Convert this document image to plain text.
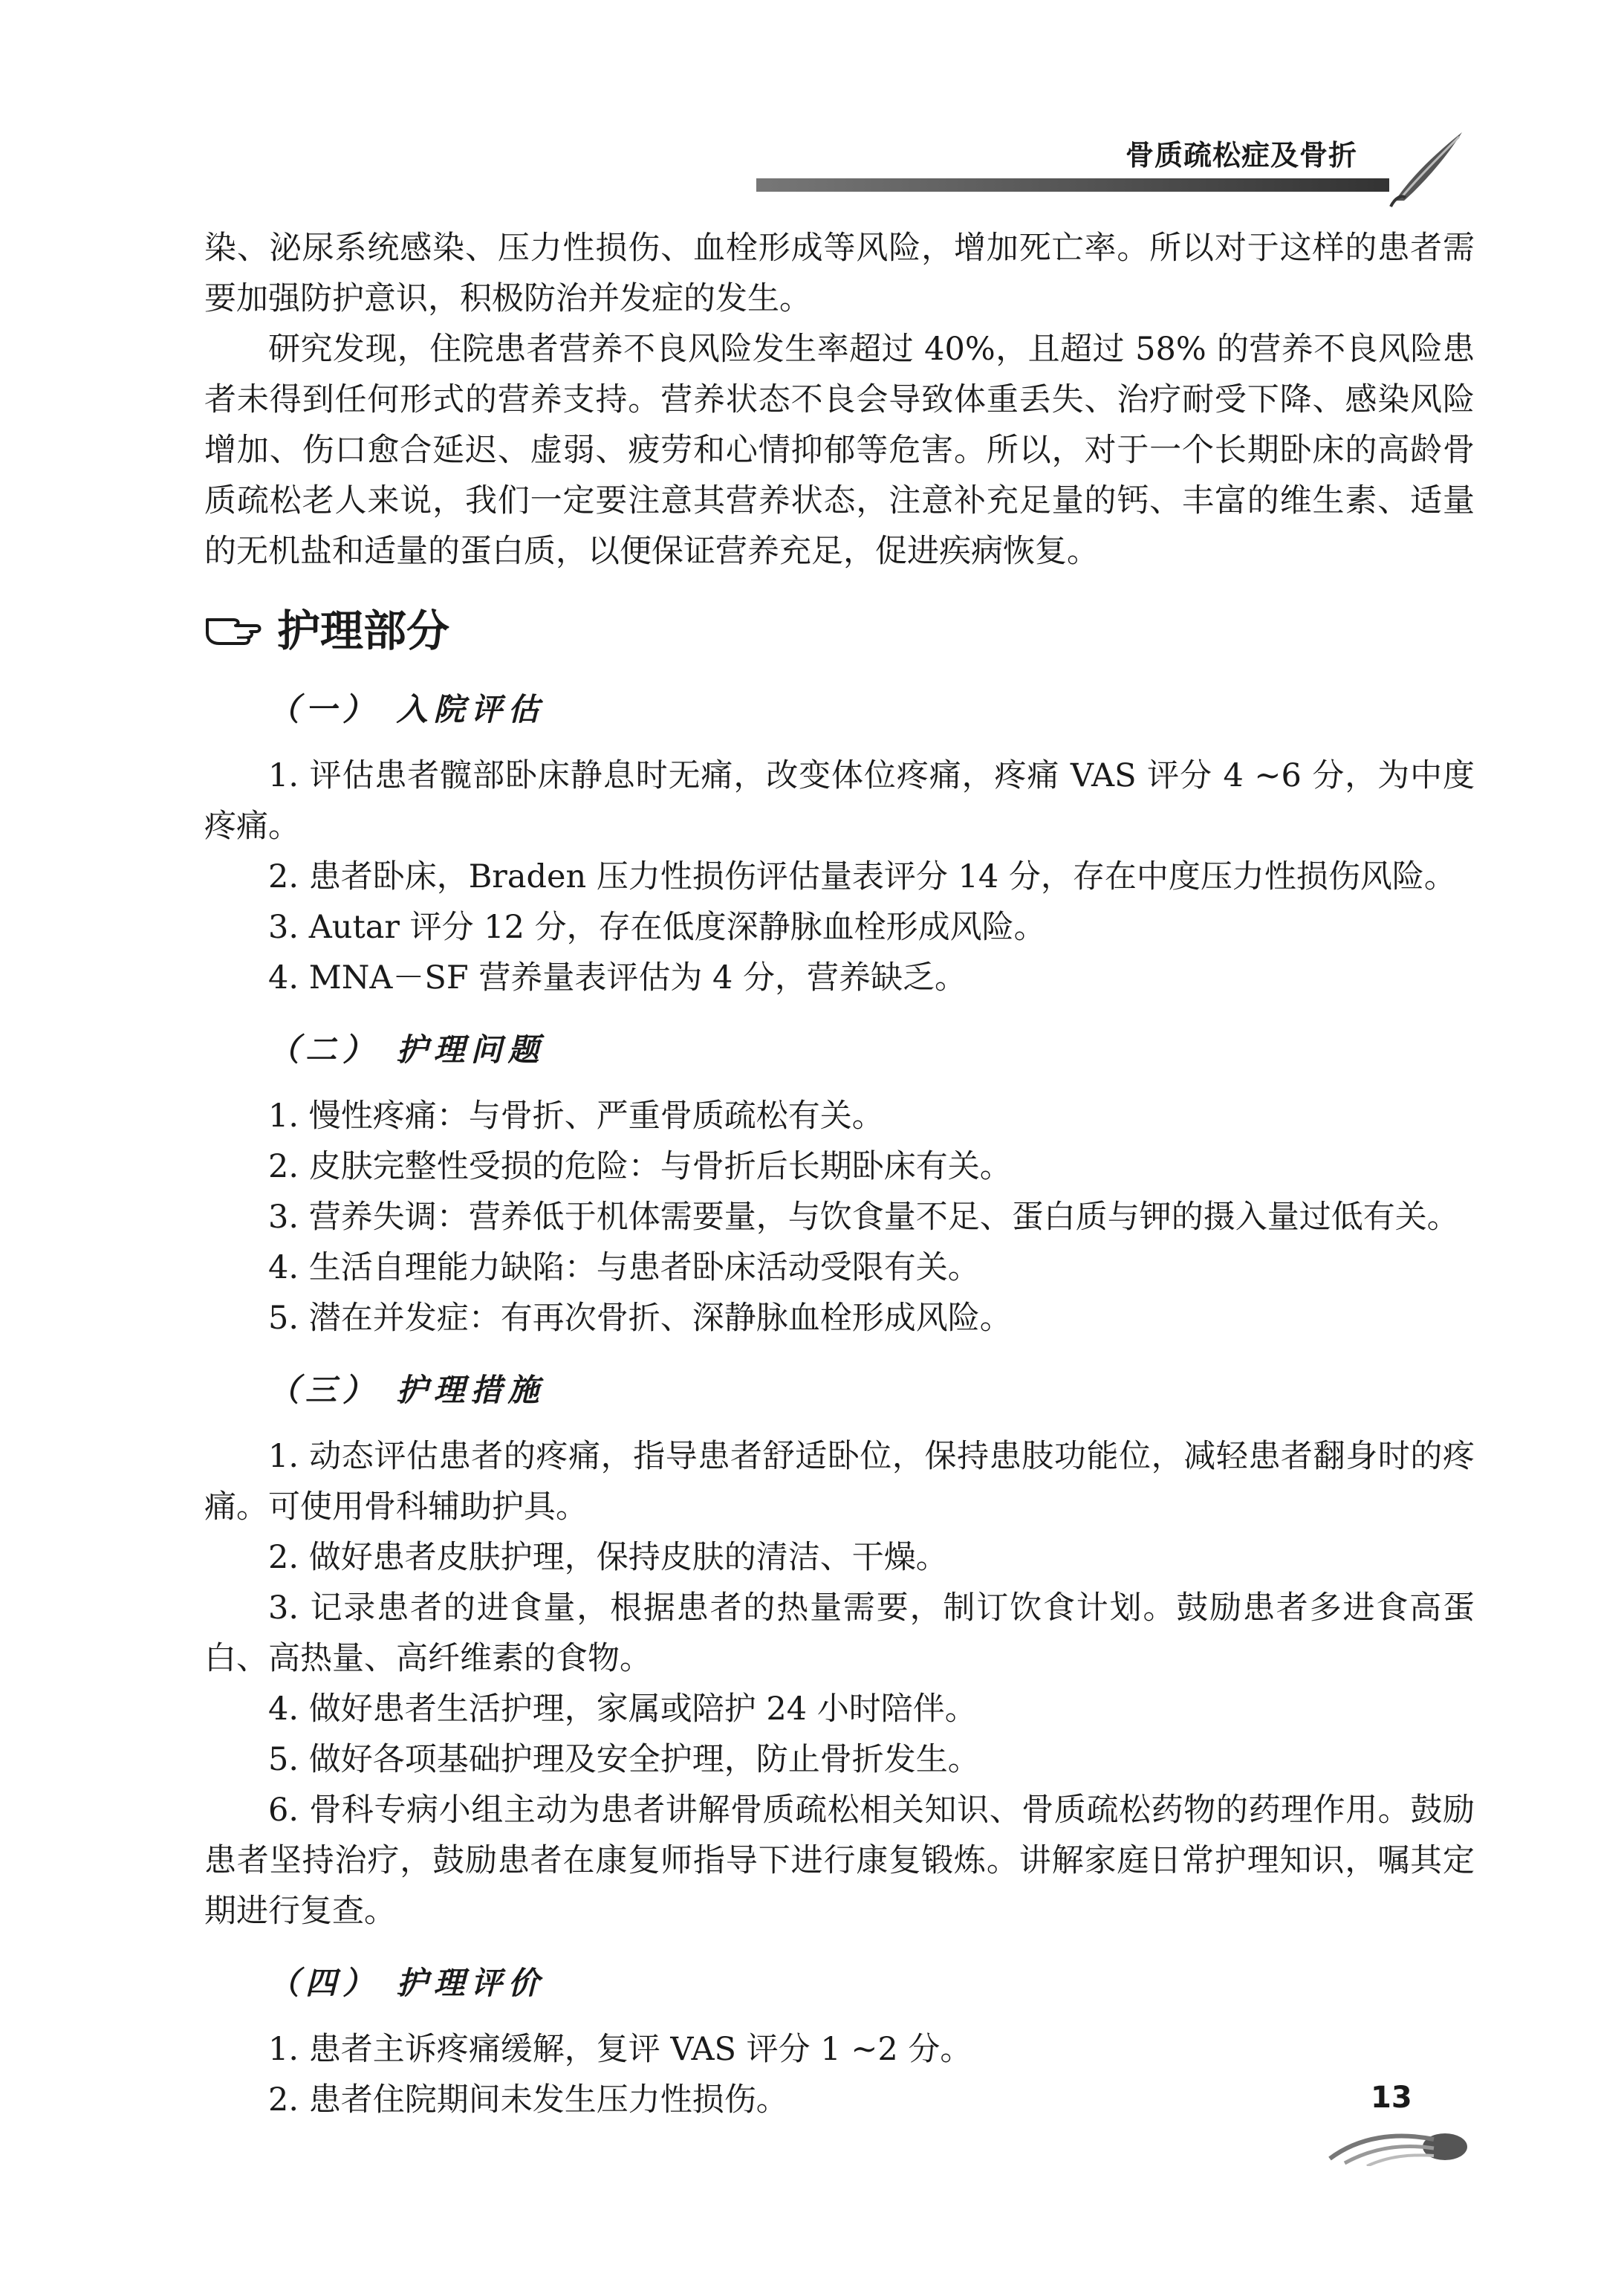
骨质疏松症及骨折

染、泌尿系统感染、压力性损伤、血栓形成等风险，增加死亡率。所以对于这样的患者需要加强防护意识，积极防治并发症的发生。

研究发现，住院患者营养不良风险发生率超过 40%，且超过 58% 的营养不良风险患者未得到任何形式的营养支持。营养状态不良会导致体重丢失、治疗耐受下降、感染风险增加、伤口愈合延迟、虚弱、疲劳和心情抑郁等危害。所以，对于一个长期卧床的高龄骨质疏松老人来说，我们一定要注意其营养状态，注意补充足量的钙、丰富的维生素、适量的无机盐和适量的蛋白质，以便保证营养充足，促进疾病恢复。

护理部分
（一） 入院评估

1. 评估患者髋部卧床静息时无痛，改变体位疼痛，疼痛 VAS 评分 4 ~6 分，为中度疼痛。

2. 患者卧床，Braden 压力性损伤评估量表评分 14 分，存在中度压力性损伤风险。

3. Autar 评分 12 分，存在低度深静脉血栓形成风险。

4. MNA－SF 营养量表评估为 4 分，营养缺乏。

（二） 护理问题

1. 慢性疼痛：与骨折、严重骨质疏松有关。

2. 皮肤完整性受损的危险：与骨折后长期卧床有关。

3. 营养失调：营养低于机体需要量，与饮食量不足、蛋白质与钾的摄入量过低有关。

4. 生活自理能力缺陷：与患者卧床活动受限有关。

5. 潜在并发症：有再次骨折、深静脉血栓形成风险。

（三） 护理措施

1. 动态评估患者的疼痛，指导患者舒适卧位，保持患肢功能位，减轻患者翻身时的疼痛。可使用骨科辅助护具。

2. 做好患者皮肤护理，保持皮肤的清洁、干燥。

3. 记录患者的进食量，根据患者的热量需要，制订饮食计划。鼓励患者多进食高蛋白、高热量、高纤维素的食物。

4. 做好患者生活护理，家属或陪护 24 小时陪伴。

5. 做好各项基础护理及安全护理，防止骨折发生。

6. 骨科专病小组主动为患者讲解骨质疏松相关知识、骨质疏松药物的药理作用。鼓励患者坚持治疗，鼓励患者在康复师指导下进行康复锻炼。讲解家庭日常护理知识，嘱其定期进行复查。

（四） 护理评价

1. 患者主诉疼痛缓解，复评 VAS 评分 1 ~2 分。

2. 患者住院期间未发生压力性损伤。	13
